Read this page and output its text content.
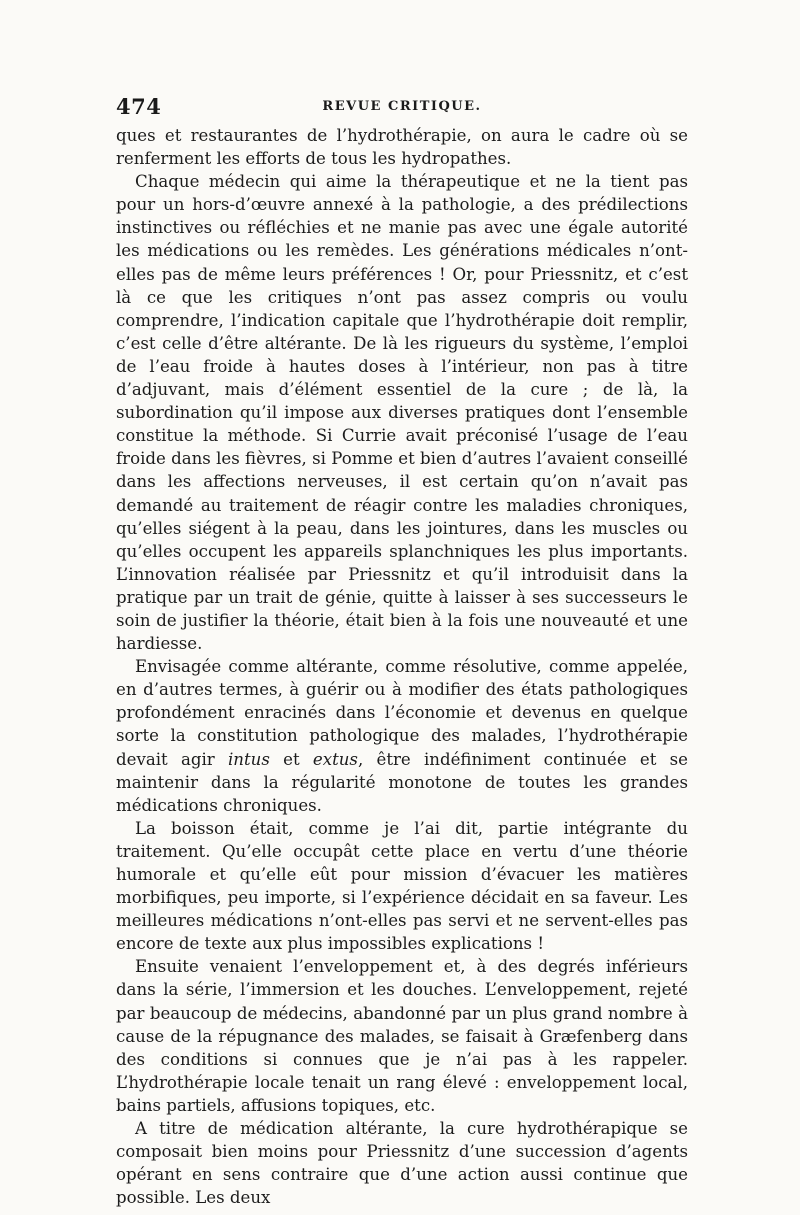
474	REVUE CRITIQUE.

ques et restaurantes de l’hydrothérapie, on aura le cadre où se renferment les efforts de tous les hydropathes.

Chaque médecin qui aime la thérapeutique et ne la tient pas pour un hors-d’œuvre annexé à la pathologie, a des prédilections instinctives ou réfléchies et ne manie pas avec une égale autorité les médications ou les remèdes. Les générations médicales n’ont-elles pas de même leurs préférences ! Or, pour Priessnitz, et c’est là ce que les critiques n’ont pas assez compris ou voulu comprendre, l’indication capitale que l’hydrothérapie doit remplir, c’est celle d’être altérante. De là les rigueurs du système, l’emploi de l’eau froide à hautes doses à l’intérieur, non pas à titre d’adjuvant, mais d’élément essentiel de la cure ; de là, la subordination qu’il impose aux diverses pratiques dont l’ensemble constitue la méthode. Si Currie avait préconisé l’usage de l’eau froide dans les fièvres, si Pomme et bien d’autres l’avaient conseillé dans les affections nerveuses, il est certain qu’on n’avait pas demandé au traitement de réagir contre les maladies chroniques, qu’elles siégent à la peau, dans les jointures, dans les muscles ou qu’elles occupent les appareils splanchniques les plus importants. L’innovation réalisée par Priessnitz et qu’il introduisit dans la pratique par un trait de génie, quitte à laisser à ses successeurs le soin de justifier la théorie, était bien à la fois une nouveauté et une hardiesse.

Envisagée comme altérante, comme résolutive, comme appelée, en d’autres termes, à guérir ou à modifier des états pathologiques profondément enracinés dans l’économie et devenus en quelque sorte la constitution pathologique des malades, l’hydrothérapie devait agir intus et extus, être indéfiniment continuée et se maintenir dans la régularité monotone de toutes les grandes médications chroniques.

La boisson était, comme je l’ai dit, partie intégrante du traitement. Qu’elle occupât cette place en vertu d’une théorie humorale et qu’elle eût pour mission d’évacuer les matières morbifiques, peu importe, si l’expérience décidait en sa faveur. Les meilleures médications n’ont-elles pas servi et ne servent-elles pas encore de texte aux plus impossibles explications !

Ensuite venaient l’enveloppement et, à des degrés inférieurs dans la série, l’immersion et les douches. L’enveloppement, rejeté par beaucoup de médecins, abandonné par un plus grand nombre à cause de la répugnance des malades, se faisait à Græfenberg dans des conditions si connues que je n’ai pas à les rappeler. L’hydrothérapie locale tenait un rang élevé : enveloppement local, bains partiels, affusions topiques, etc.

A titre de médication altérante, la cure hydrothérapique se composait bien moins pour Priessnitz d’une succession d’agents opérant en sens contraire que d’une action aussi continue que possible. Les deux
